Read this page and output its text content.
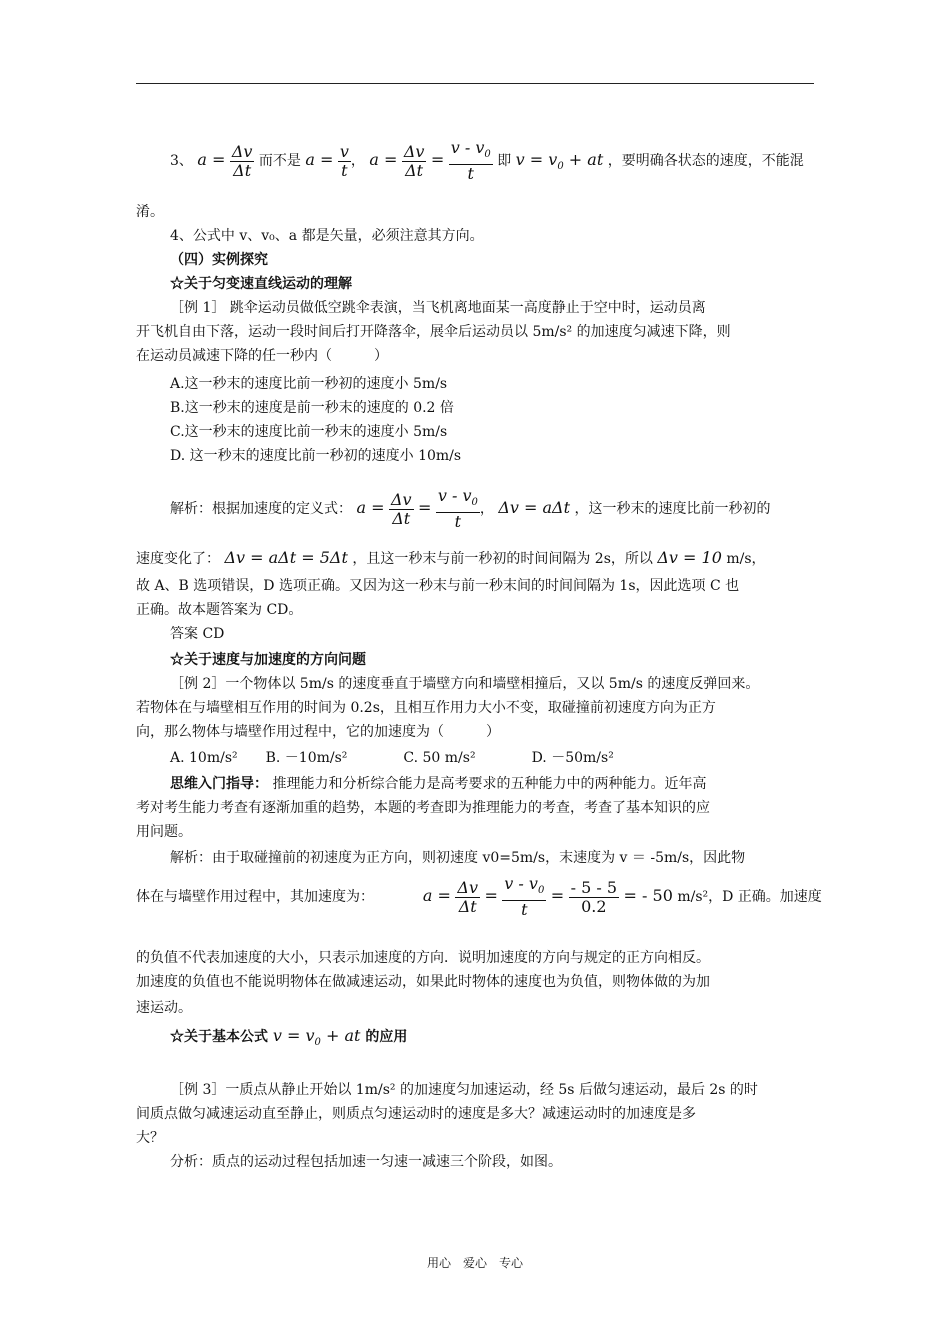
3、 $a = \frac{\Delta v}{\Delta t}$ 而不是 $a = \frac{v}{t}$ ， $a = \frac{\Delta v}{\Delta t} = \frac{v - v_0}{t}$ 即 $v = v_0$ + at ，要明确各状态的速度，不能混
淆。
4、公式中 v、v₀、a 都是矢量，必须注意其方向。
（四）实例探究
☆关于匀变速直线运动的理解
［例 1］ 跳伞运动员做低空跳伞表演，当飞机离地面某一高度静止于空中时，运动员离
开飞机自由下落，运动一段时间后打开降落伞，展伞后运动员以 5m/s² 的加速度匀减速下降，则
在运动员减速下降的任一秒内（　　　）
A.这一秒末的速度比前一秒初的速度小 5m/s
B.这一秒末的速度是前一秒末的速度的 0.2 倍
C.这一秒末的速度比前一秒末的速度小 5m/s
D. 这一秒末的速度比前一秒初的速度小 10m/s
解析：根据加速度的定义式： $a = \frac{\Delta v}{\Delta t} = \frac{v - v_0}{t}$ ， Δv = aΔt ，这一秒末的速度比前一秒初的
速度变化了： Δv = aΔt = 5Δt ，且这一秒末与前一秒初的时间间隔为 2s，所以 Δv = 10 m/s，
故 A、B 选项错误，D 选项正确。又因为这一秒末与前一秒末间的时间间隔为 1s，因此选项 C 也
正确。故本题答案为 CD。
答案 CD
☆关于速度与加速度的方向问题
［例 2］一个物体以 5m/s 的速度垂直于墙壁方向和墙壁相撞后，又以 5m/s 的速度反弹回来。
若物体在与墙壁相互作用的时间为 0.2s，且相互作用力大小不变，取碰撞前初速度方向为正方
向，那么物体与墙壁作用过程中，它的加速度为（　　　）
A. 10m/s²　　B. －10m/s²　　　　C. 50 m/s²　　　　D. －50m/s²
思维入门指导： 推理能力和分析综合能力是高考要求的五种能力中的两种能力。近年高
考对考生能力考查有逐渐加重的趋势，本题的考查即为推理能力的考查，考查了基本知识的应
用问题。
解析：由于取碰撞前的初速度为正方向，则初速度 v0=5m/s，末速度为 v ＝ -5m/s，因此物
体在与墙壁作用过程中，其加速度为：	$a = \frac{\Delta v}{\Delta t} = \frac{v - v_0}{t} = \frac{- 5 - 5}{0.2}$ = - 50 m/s²，D 正确。加速度
的负值不代表加速度的大小，只表示加速度的方向．说明加速度的方向与规定的正方向相反。
加速度的负值也不能说明物体在做减速运动，如果此时物体的速度也为负值，则物体做的为加
速运动。
☆关于基本公式 $v = v_0$ + at 的应用
［例 3］一质点从静止开始以 1m/s² 的加速度匀加速运动，经 5s 后做匀速运动，最后 2s 的时
间质点做匀减速运动直至静止，则质点匀速运动时的速度是多大？减速运动时的加速度是多
大？
分析：质点的运动过程包括加速一匀速一减速三个阶段，如图。
用心　爱心　专心
